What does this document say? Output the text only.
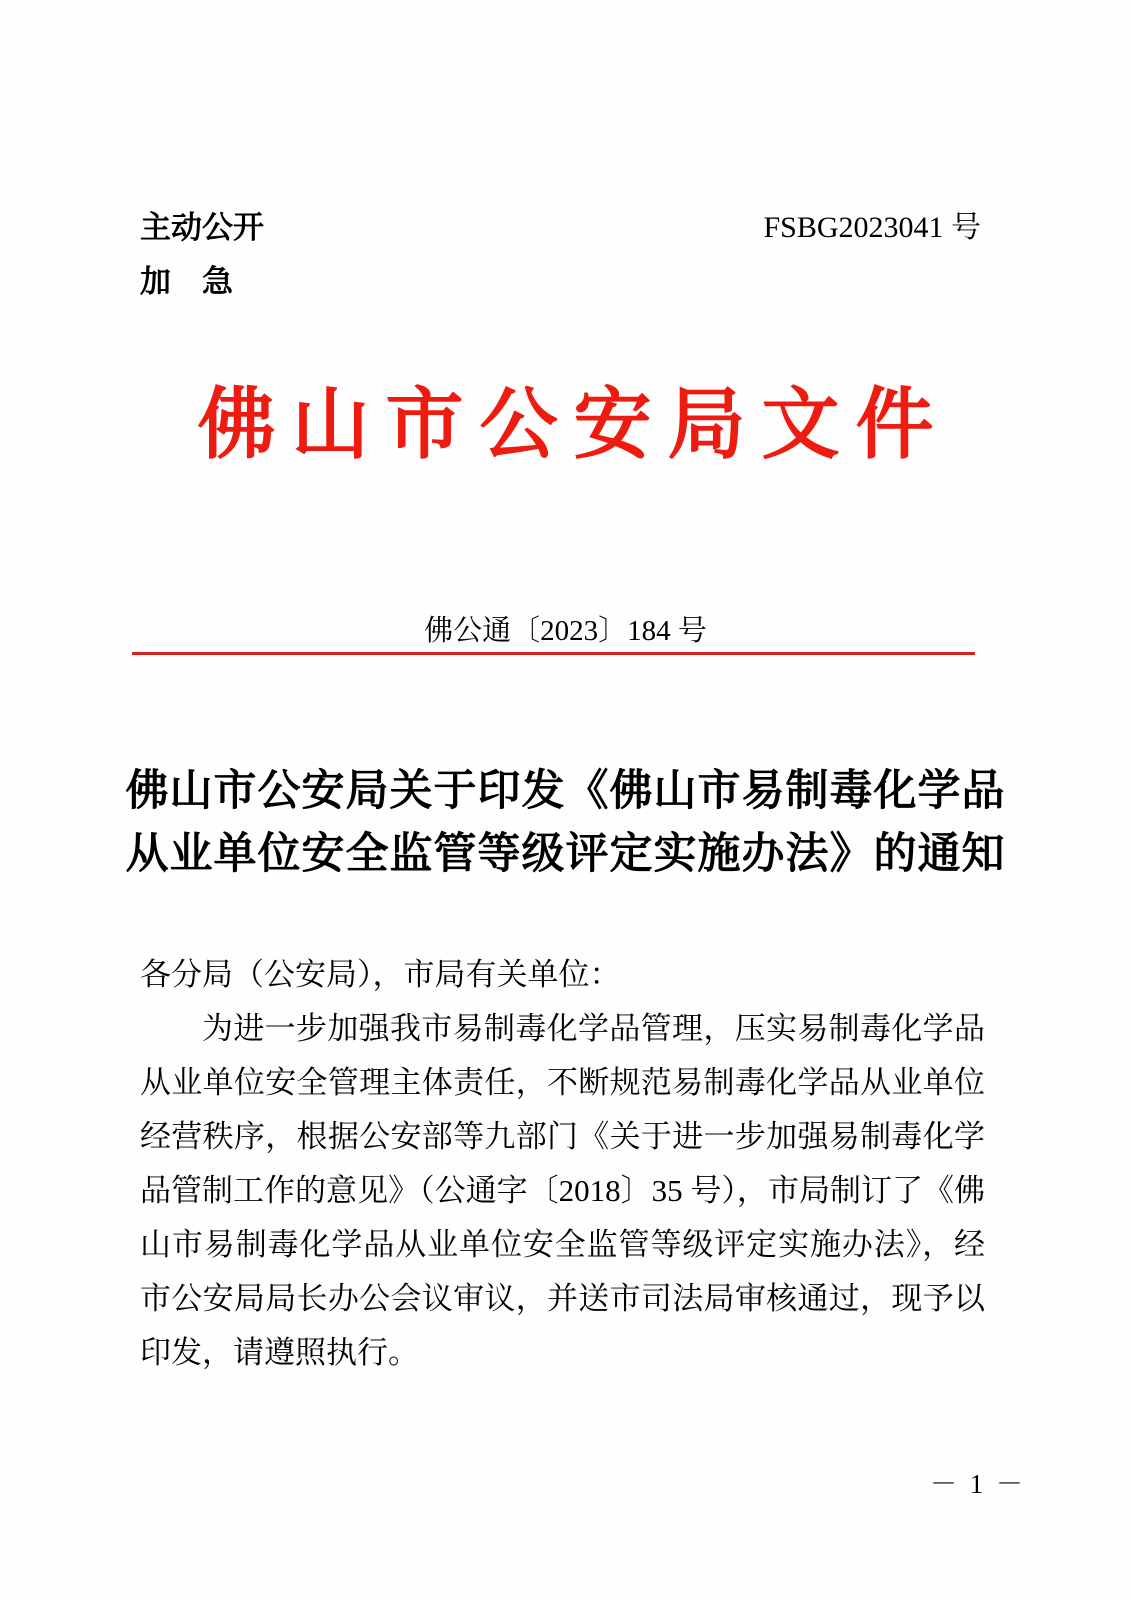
主动公开
加　急
FSBG2023041 号
佛山市公安局文件
佛公通〔2023〕184 号
佛山市公安局关于印发《佛山市易制毒化学品
从业单位安全监管等级评定实施办法》的通知

各分局（公安局），市局有关单位：

为进一步加强我市易制毒化学品管理，压实易制毒化学品从业单位安全管理主体责任，不断规范易制毒化学品从业单位经营秩序，根据公安部等九部门《关于进一步加强易制毒化学品管制工作的意见》（公通字〔2018〕35 号），市局制订了《佛山市易制毒化学品从业单位安全监管等级评定实施办法》，经市公安局局长办公会议审议，并送市司法局审核通过，现予以印发，请遵照执行。

－ 1 －
